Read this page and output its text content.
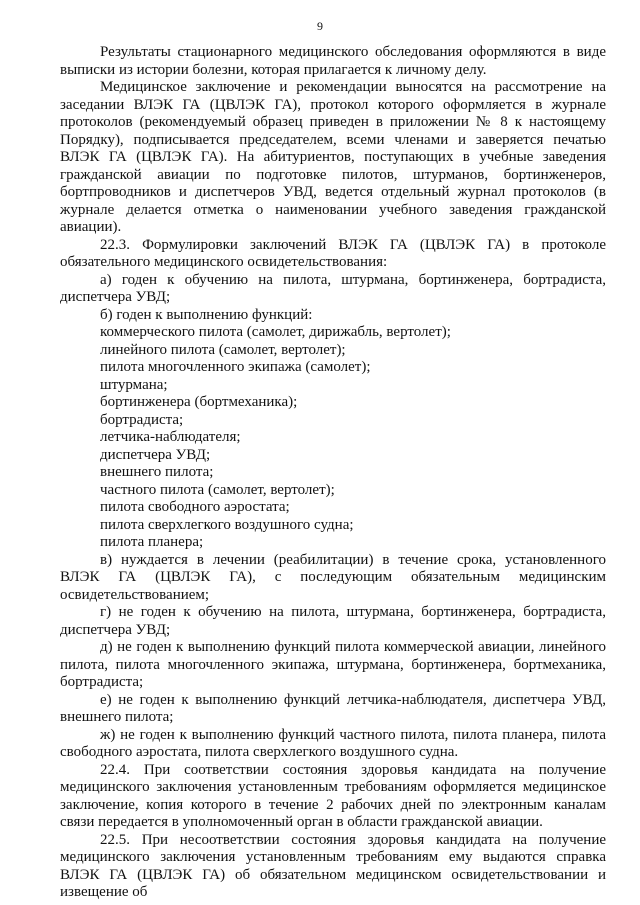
9

Результаты стационарного медицинского обследования оформляются в виде выписки из истории болезни, которая прилагается к личному делу.

Медицинское заключение и рекомендации выносятся на рассмотрение на заседании ВЛЭК ГА (ЦВЛЭК ГА), протокол которого оформляется в журнале протоколов (рекомендуемый образец приведен в приложении № 8 к настоящему Порядку), подписывается председателем, всеми членами и заверяется печатью ВЛЭК ГА (ЦВЛЭК ГА). На абитуриентов, поступающих в учебные заведения гражданской авиации по подготовке пилотов, штурманов, бортинженеров, бортпроводников и диспетчеров УВД, ведется отдельный журнал протоколов (в журнале делается отметка о наименовании учебного заведения гражданской авиации).

22.3. Формулировки заключений ВЛЭК ГА (ЦВЛЭК ГА) в протоколе обязательного медицинского освидетельствования:

а) годен к обучению на пилота, штурмана, бортинженера, бортрадиста, диспетчера УВД;

б) годен к выполнению функций:

коммерческого пилота (самолет, дирижабль, вертолет);
линейного пилота (самолет, вертолет);
пилота многочленного экипажа (самолет);
штурмана;
бортинженера (бортмеханика);
бортрадиста;
летчика-наблюдателя;
диспетчера УВД;
внешнего пилота;
частного пилота (самолет, вертолет);
пилота свободного аэростата;
пилота сверхлегкого воздушного судна;
пилота планера;

в) нуждается в лечении (реабилитации) в течение срока, установленного ВЛЭК ГА (ЦВЛЭК ГА), с последующим обязательным медицинским освидетельствованием;

г) не годен к обучению на пилота, штурмана, бортинженера, бортрадиста, диспетчера УВД;

д) не годен к выполнению функций пилота коммерческой авиации, линейного пилота, пилота многочленного экипажа, штурмана, бортинженера, бортмеханика, бортрадиста;

е) не годен к выполнению функций летчика-наблюдателя, диспетчера УВД, внешнего пилота;

ж) не годен к выполнению функций частного пилота, пилота планера, пилота свободного аэростата, пилота сверхлегкого воздушного судна.

22.4. При соответствии состояния здоровья кандидата на получение медицинского заключения установленным требованиям оформляется медицинское заключение, копия которого в течение 2 рабочих дней по электронным каналам связи передается в уполномоченный орган в области гражданской авиации.

22.5. При несоответствии состояния здоровья кандидата на получение медицинского заключения установленным требованиям ему выдаются справка ВЛЭК ГА (ЦВЛЭК ГА) об обязательном медицинском освидетельствовании и извещение об
